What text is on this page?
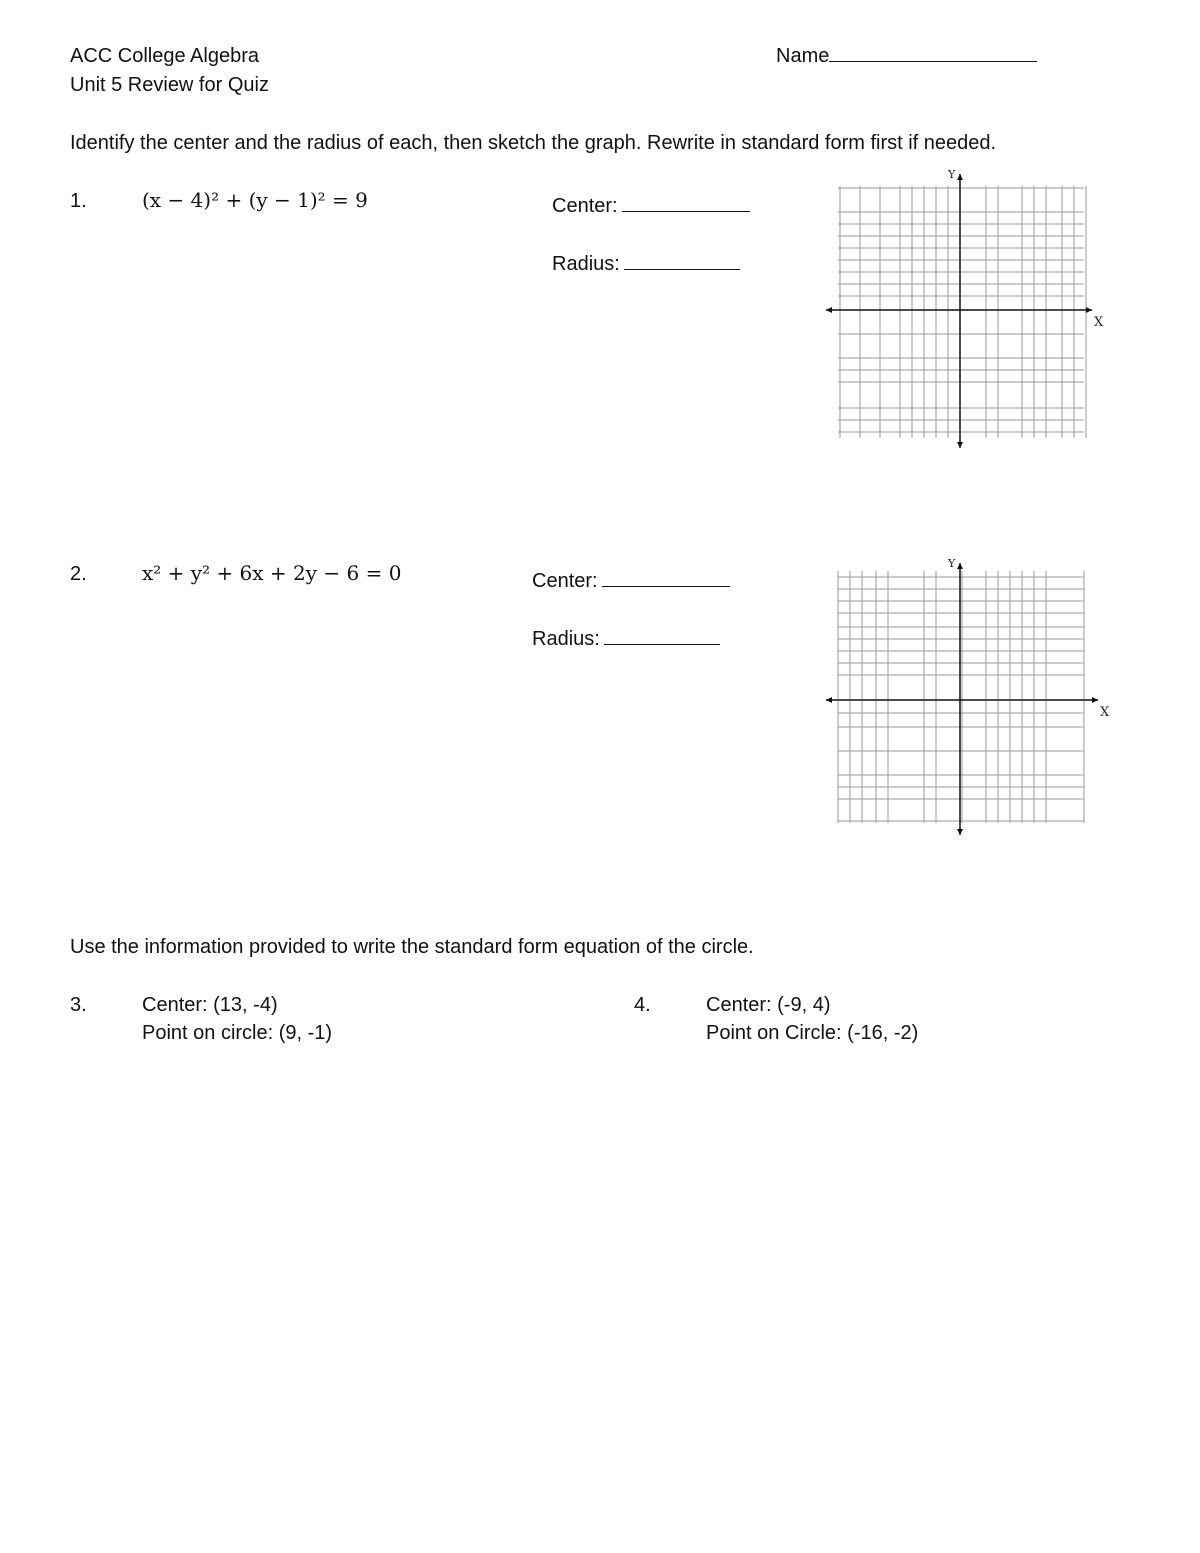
ACC College Algebra
Unit 5 Review for Quiz
Name
Identify the center and the radius of each, then sketch the graph. Rewrite in standard form first if needed.
1.	(x − 4)² + (y − 1)² = 9	Center:
Radius:
X
Y
2.	x² + y² + 6x + 2y − 6 = 0	Center:
Radius:
X
Y
Use the information provided to write the standard form equation of the circle.
3.	Center: (13, -4)
Point on circle: (9, -1)
4.	Center: (-9, 4)
Point on Circle: (-16, -2)
